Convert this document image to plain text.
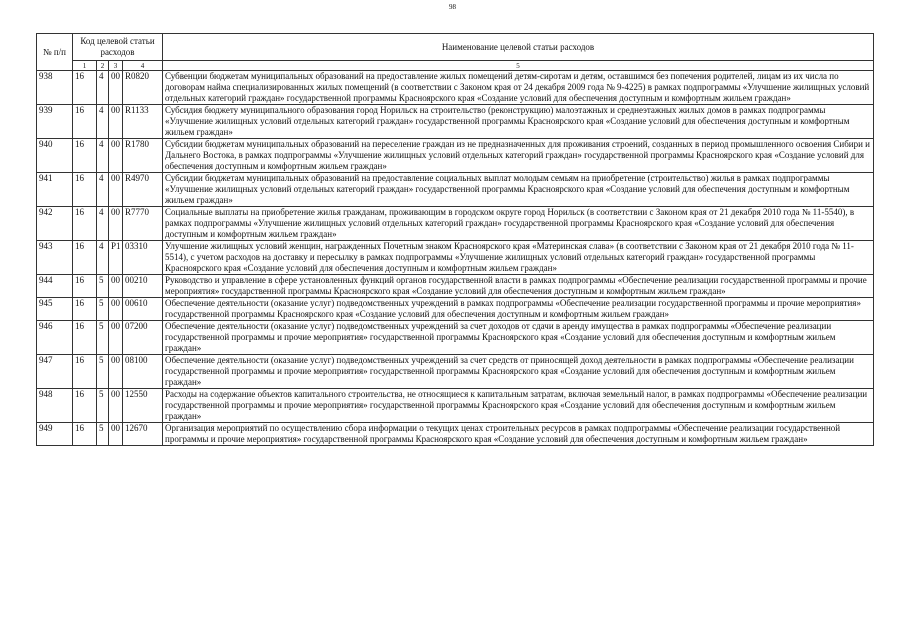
98
№ п/п	Код целевой статьи расходов				Наименование целевой статьи расходов
	1	2	3	4	5
938	16	4	00	R0820	Субвенции бюджетам муниципальных образований на предоставление жилых помещений детям-сиротам и детям, оставшимся без попечения родителей, лицам из их числа по договорам найма специализированных жилых помещений (в соответствии с Законом края от 24 декабря 2009 года № 9-4225) в рамках подпрограммы «Улучшение жилищных условий отдельных категорий граждан» государственной программы Красноярского края «Создание условий для обеспечения доступным и комфортным жильем граждан»
939	16	4	00	R1133	Субсидия бюджету муниципального образования город Норильск на строительство (реконструкцию) малоэтажных и среднеэтажных жилых домов в рамках подпрограммы «Улучшение жилищных условий отдельных категорий граждан» государственной программы Красноярского края «Создание условий для обеспечения доступным и комфортным жильем граждан»
940	16	4	00	R1780	Субсидии бюджетам муниципальных образований на переселение граждан из не предназначенных для проживания строений, созданных в период промышленного освоения Сибири и Дальнего Востока, в рамках подпрограммы «Улучшение жилищных условий отдельных категорий граждан» государственной программы Красноярского края «Создание условий для обеспечения доступным и комфортным жильем граждан»
941	16	4	00	R4970	Субсидии бюджетам муниципальных образований на предоставление социальных выплат молодым семьям на приобретение (строительство) жилья в рамках подпрограммы «Улучшение жилищных условий отдельных категорий граждан» государственной программы Красноярского края «Создание условий для обеспечения доступным и комфортным жильем граждан»
942	16	4	00	R7770	Социальные выплаты на приобретение жилья гражданам, проживающим в городском округе город Норильск (в соответствии с Законом края от 21 декабря 2010 года № 11-5540), в рамках подпрограммы «Улучшение жилищных условий отдельных категорий граждан» государственной программы Красноярского края «Создание условий для обеспечения доступным и комфортным жильем граждан»
943	16	4	P1	03310	Улучшение жилищных условий женщин, награжденных Почетным знаком Красноярского края «Материнская слава» (в соответствии с Законом края от 21 декабря 2010 года № 11-5514), с учетом расходов на доставку и пересылку в рамках подпрограммы «Улучшение жилищных условий отдельных категорий граждан» государственной программы Красноярского края «Создание условий для обеспечения доступным и комфортным жильем граждан»
944	16	5	00	00210	Руководство и управление в сфере установленных функций органов государственной власти в рамках подпрограммы «Обеспечение реализации государственной программы и прочие мероприятия» государственной программы Красноярского края «Создание условий для обеспечения доступным и комфортным жильем граждан»
945	16	5	00	00610	Обеспечение деятельности (оказание услуг) подведомственных учреждений в рамках подпрограммы «Обеспечение реализации государственной программы и прочие мероприятия» государственной программы Красноярского края «Создание условий для обеспечения доступным и комфортным жильем граждан»
946	16	5	00	07200	Обеспечение деятельности (оказание услуг) подведомственных учреждений за счет доходов от сдачи в аренду имущества в рамках подпрограммы «Обеспечение реализации государственной программы и прочие мероприятия» государственной программы Красноярского края «Создание условий для обеспечения доступным и комфортным жильем граждан»
947	16	5	00	08100	Обеспечение деятельности (оказание услуг) подведомственных учреждений за счет средств от приносящей доход деятельности в рамках подпрограммы «Обеспечение реализации государственной программы и прочие мероприятия» государственной программы Красноярского края «Создание условий для обеспечения доступным и комфортным жильем граждан»
948	16	5	00	12550	Расходы на содержание объектов капитального строительства, не относящиеся к капитальным затратам, включая земельный налог, в рамках подпрограммы «Обеспечение реализации государственной программы и прочие мероприятия» государственной программы Красноярского края «Создание условий для обеспечения доступным и комфортным жильем граждан»
949	16	5	00	12670	Организация мероприятий по осуществлению сбора информации о текущих ценах строительных ресурсов в рамках подпрограммы «Обеспечение реализации государственной программы и прочие мероприятия» государственной программы Красноярского края «Создание условий для обеспечения доступным и комфортным жильем граждан»
